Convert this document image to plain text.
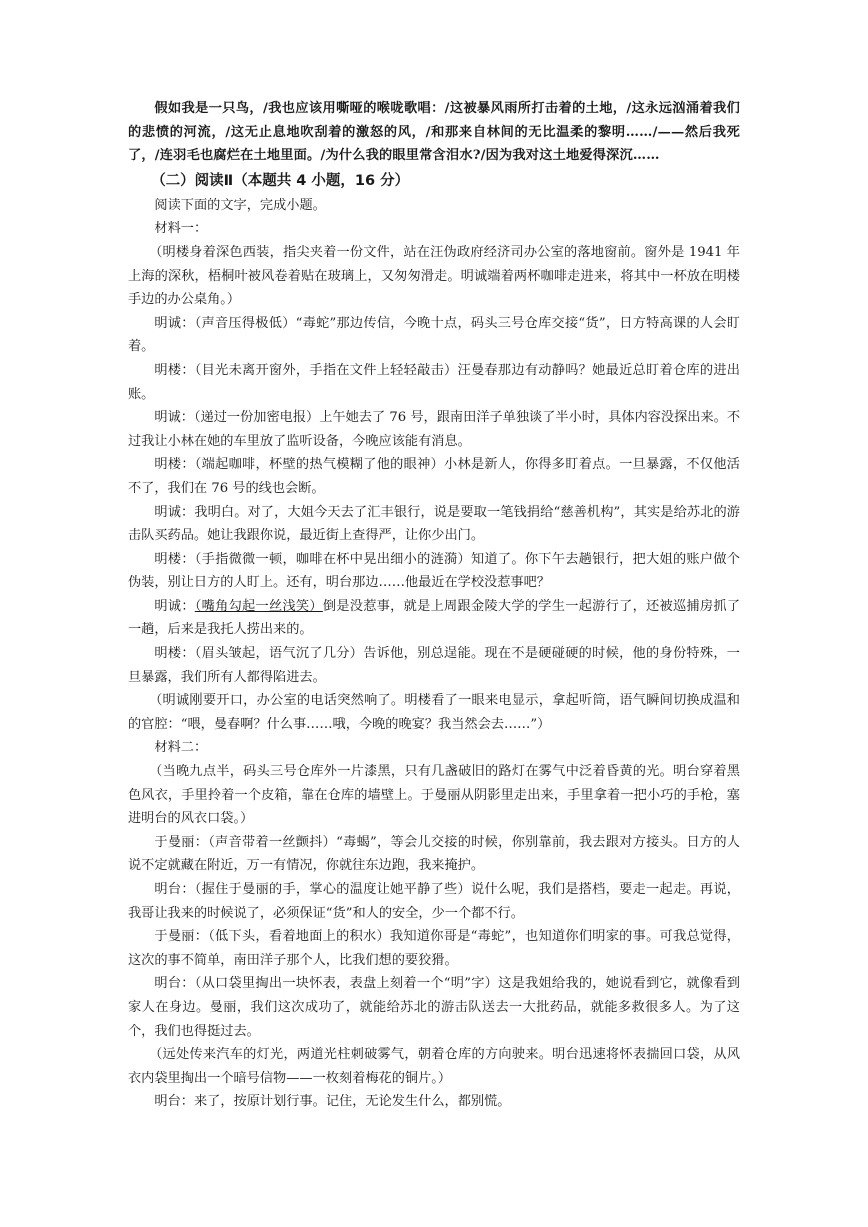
假如我是一只鸟，/我也应该用嘶哑的喉咙歌唱：/这被暴风雨所打击着的土地，/这永远汹涌着我们的悲愤的河流，/这无止息地吹刮着的激怒的风，/和那来自林间的无比温柔的黎明……/——然后我死了，/连羽毛也腐烂在土地里面。/为什么我的眼里常含泪水?/因为我对这土地爱得深沉……

（二）阅读Ⅱ（本题共 4 小题，16 分）

阅读下面的文字，完成小题。

材料一：

（明楼身着深色西装，指尖夹着一份文件，站在汪伪政府经济司办公室的落地窗前。窗外是 1941 年上海的深秋，梧桐叶被风卷着贴在玻璃上，又匆匆滑走。明诚端着两杯咖啡走进来，将其中一杯放在明楼手边的办公桌角。）

明诚：（声音压得极低）“毒蛇”那边传信，今晚十点，码头三号仓库交接“货”，日方特高课的人会盯着。

明楼：（目光未离开窗外，手指在文件上轻轻敲击）汪曼春那边有动静吗？她最近总盯着仓库的进出账。

明诚：（递过一份加密电报）上午她去了 76 号，跟南田洋子单独谈了半小时，具体内容没探出来。不过我让小林在她的车里放了监听设备，今晚应该能有消息。

明楼：（端起咖啡，杯壁的热气模糊了他的眼神）小林是新人，你得多盯着点。一旦暴露，不仅他活不了，我们在 76 号的线也会断。

明诚：我明白。对了，大姐今天去了汇丰银行，说是要取一笔钱捐给“慈善机构”，其实是给苏北的游击队买药品。她让我跟你说，最近街上查得严，让你少出门。

明楼：（手指微微一顿，咖啡在杯中晃出细小的涟漪）知道了。你下午去趟银行，把大姐的账户做个伪装，别让日方的人盯上。还有，明台那边……他最近在学校没惹事吧？

明诚：（嘴角勾起一丝浅笑）倒是没惹事，就是上周跟金陵大学的学生一起游行了，还被巡捕房抓了一趟，后来是我托人捞出来的。

明楼：（眉头皱起，语气沉了几分）告诉他，别总逞能。现在不是硬碰硬的时候，他的身份特殊，一旦暴露，我们所有人都得陷进去。

（明诚刚要开口，办公室的电话突然响了。明楼看了一眼来电显示，拿起听筒，语气瞬间切换成温和的官腔：“喂，曼春啊？什么事……哦，今晚的晚宴？我当然会去……”）

材料二：

（当晚九点半，码头三号仓库外一片漆黑，只有几盏破旧的路灯在雾气中泛着昏黄的光。明台穿着黑色风衣，手里拎着一个皮箱，靠在仓库的墙壁上。于曼丽从阴影里走出来，手里拿着一把小巧的手枪，塞进明台的风衣口袋。）

于曼丽：（声音带着一丝颤抖）“毒蝎”，等会儿交接的时候，你别靠前，我去跟对方接头。日方的人说不定就藏在附近，万一有情况，你就往东边跑，我来掩护。

明台：（握住于曼丽的手，掌心的温度让她平静了些）说什么呢，我们是搭档，要走一起走。再说，我哥让我来的时候说了，必须保证“货”和人的安全，少一个都不行。

于曼丽：（低下头，看着地面上的积水）我知道你哥是“毒蛇”，也知道你们明家的事。可我总觉得，这次的事不简单，南田洋子那个人，比我们想的要狡猾。

明台：（从口袋里掏出一块怀表，表盘上刻着一个“明”字）这是我姐给我的，她说看到它，就像看到家人在身边。曼丽，我们这次成功了，就能给苏北的游击队送去一大批药品，就能多救很多人。为了这个，我们也得挺过去。

（远处传来汽车的灯光，两道光柱刺破雾气，朝着仓库的方向驶来。明台迅速将怀表揣回口袋，从风衣内袋里掏出一个暗号信物——一枚刻着梅花的铜片。）

明台：来了，按原计划行事。记住，无论发生什么，都别慌。
